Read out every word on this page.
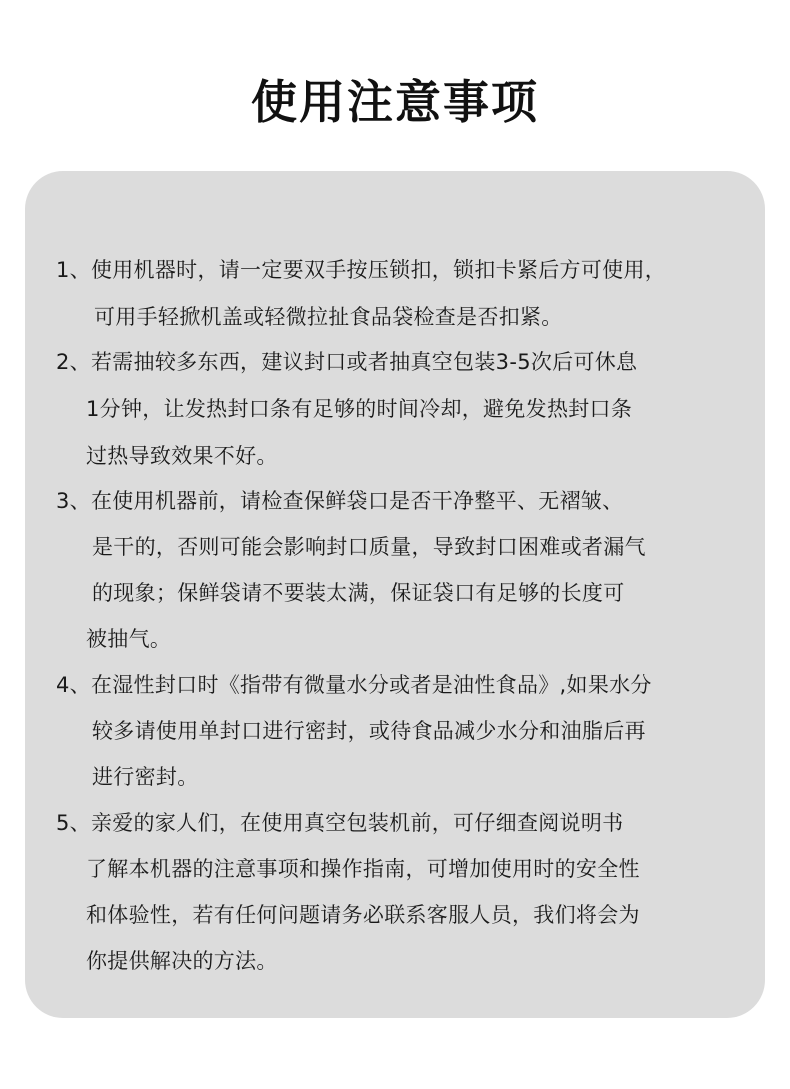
使用注意事项
1、使用机器时，请一定要双手按压锁扣，锁扣卡紧后方可使用，
可用手轻掀机盖或轻微拉扯食品袋检查是否扣紧。
2、若需抽较多东西，建议封口或者抽真空包装3-5次后可休息
1分钟，让发热封口条有足够的时间冷却，避免发热封口条
过热导致效果不好。
3、在使用机器前，请检查保鲜袋口是否干净整平、无褶皱、
是干的，否则可能会影响封口质量，导致封口困难或者漏气
的现象；保鲜袋请不要装太满，保证袋口有足够的长度可
被抽气。
4、在湿性封口时《指带有微量水分或者是油性食品》,如果水分
较多请使用单封口进行密封，或待食品减少水分和油脂后再
进行密封。
5、亲爱的家人们，在使用真空包装机前，可仔细查阅说明书
了解本机器的注意事项和操作指南，可增加使用时的安全性
和体验性，若有任何问题请务必联系客服人员，我们将会为
你提供解决的方法。
